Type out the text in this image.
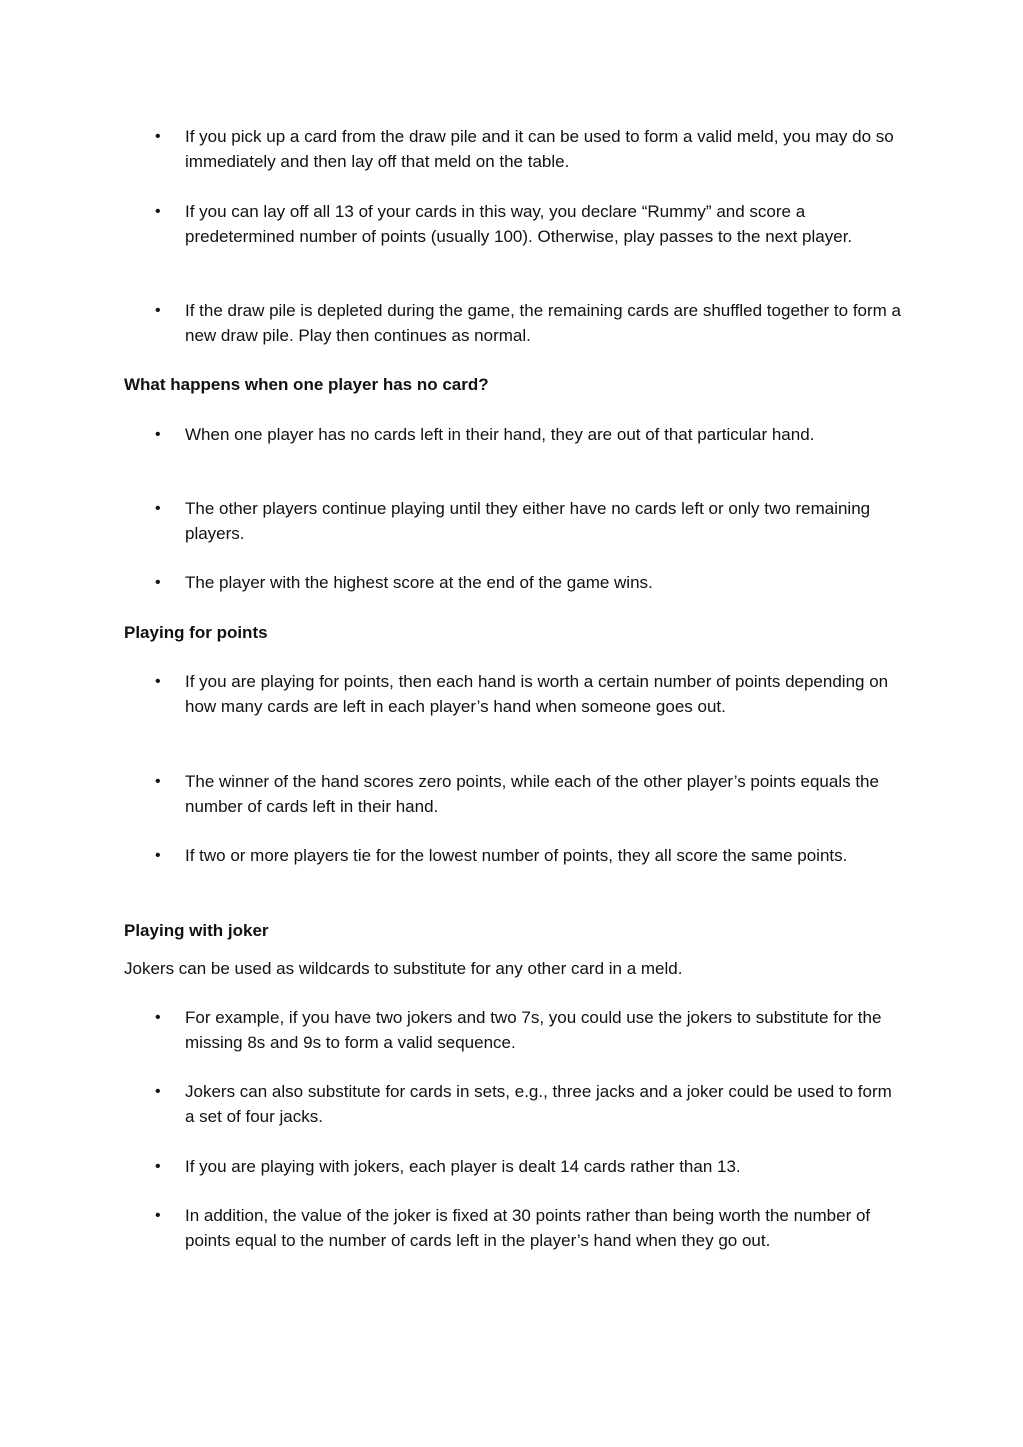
• If you pick up a card from the draw pile and it can be used to form a valid meld, you may do so immediately and then lay off that meld on the table.
• If you can lay off all 13 of your cards in this way, you declare “Rummy” and score a predetermined number of points (usually 100). Otherwise, play passes to the next player.
• If the draw pile is depleted during the game, the remaining cards are shuffled together to form a new draw pile. Play then continues as normal.
What happens when one player has no card?
• When one player has no cards left in their hand, they are out of that particular hand.
• The other players continue playing until they either have no cards left or only two remaining players.
• The player with the highest score at the end of the game wins.
Playing for points
• If you are playing for points, then each hand is worth a certain number of points depending on how many cards are left in each player’s hand when someone goes out.
• The winner of the hand scores zero points, while each of the other player’s points equals the number of cards left in their hand.
• If two or more players tie for the lowest number of points, they all score the same points.
Playing with joker
Jokers can be used as wildcards to substitute for any other card in a meld.
• For example, if you have two jokers and two 7s, you could use the jokers to substitute for the missing 8s and 9s to form a valid sequence.
• Jokers can also substitute for cards in sets, e.g., three jacks and a joker could be used to form a set of four jacks.
• If you are playing with jokers, each player is dealt 14 cards rather than 13.
• In addition, the value of the joker is fixed at 30 points rather than being worth the number of points equal to the number of cards left in the player’s hand when they go out.
